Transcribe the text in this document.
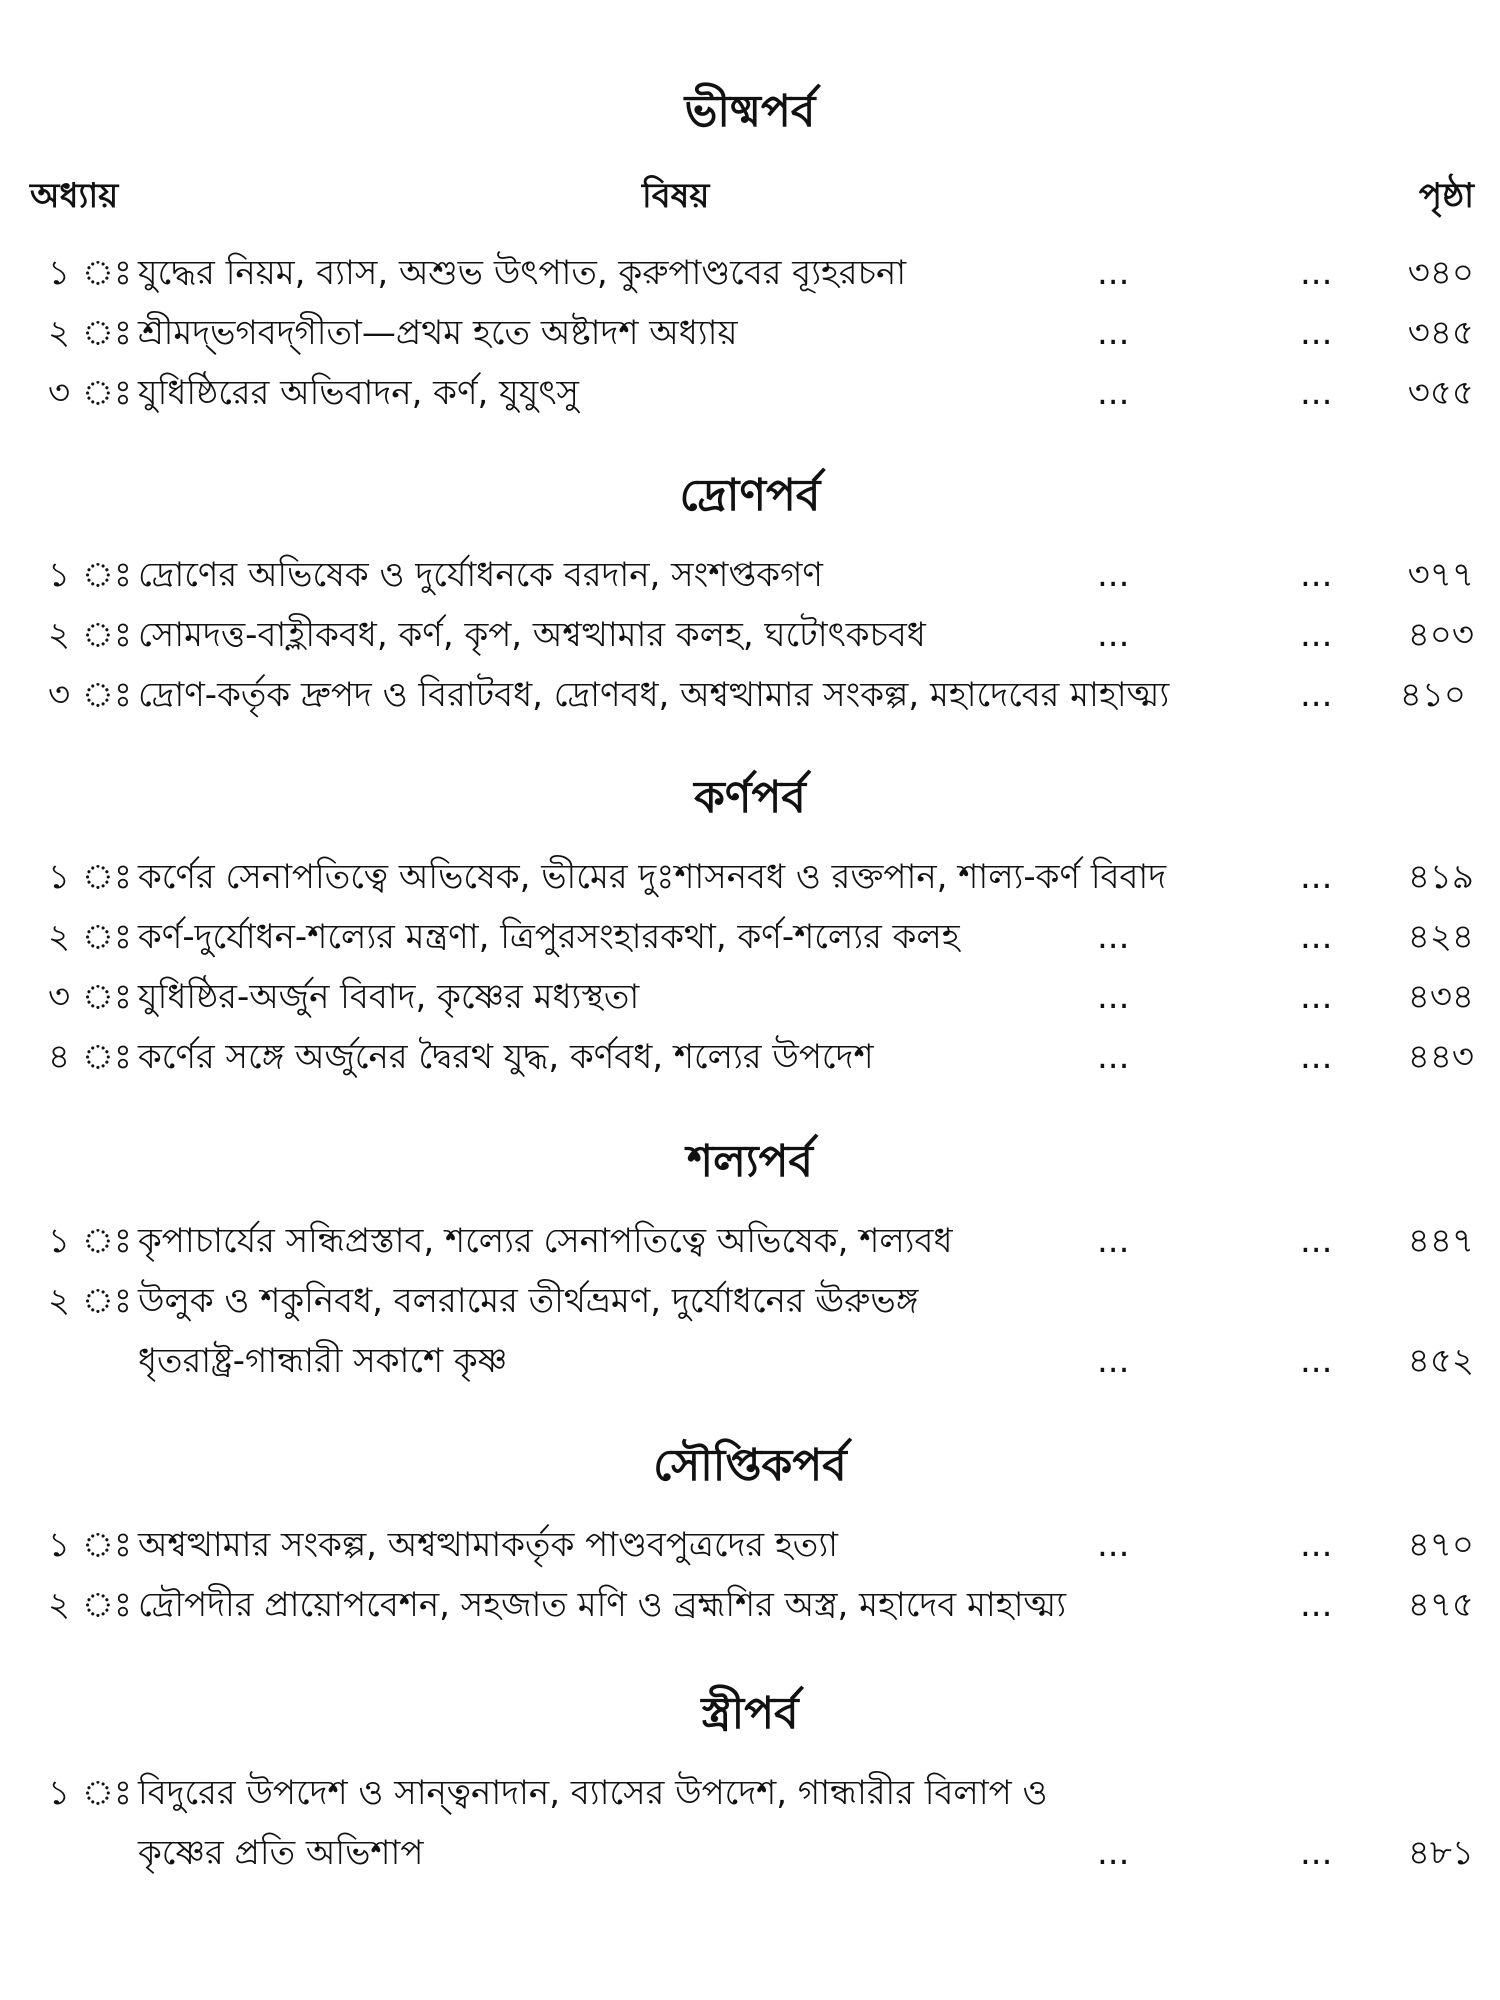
অধ্যায়	বিষয়	পৃষ্ঠা
ভীষ্মপর্ব
১ ঃ যুদ্ধের নিয়ম, ব্যাস, অশুভ উৎপাত, কুরুপাণ্ডবের ব্যূহরচনা	...	... ৩৪০
২ ঃ শ্রীমদ্‌ভগবদ্‌গীতা—প্রথম হতে অষ্টাদশ অধ্যায়	...	... ৩৪৫
৩ ঃ যুধিষ্ঠিরের অভিবাদন, কর্ণ, যুযুৎসু	...	... ৩৫৫
দ্রোণপর্ব
১ ঃ দ্রোণের অভিষেক ও দুর্যোধনকে বরদান, সংশপ্তকগণ	...	... ৩৭৭
২ ঃ সোমদত্ত-বাহ্লীকবধ, কর্ণ, কৃপ, অশ্বত্থামার কলহ, ঘটোৎকচবধ	...	... ৪০৩
৩ ঃ দ্রোণ-কর্তৃক দ্রুপদ ও বিরাটবধ, দ্রোণবধ, অশ্বত্থামার সংকল্প, মহাদেবের মাহাত্ম্য	... ৪১০
কর্ণপর্ব
১ ঃ কর্ণের সেনাপতিত্বে অভিষেক, ভীমের দুঃশাসনবধ ও রক্তপান, শাল্য-কর্ণ বিবাদ	... ৪১৯
২ ঃ কর্ণ-দুর্যোধন-শল্যের মন্ত্রণা, ত্রিপুরসংহারকথা, কর্ণ-শল্যের কলহ	...	... ৪২৪
৩ ঃ যুধিষ্ঠির-অর্জুন বিবাদ, কৃষ্ণের মধ্যস্থতা	...	... ৪৩৪
৪ ঃ কর্ণের সঙ্গে অর্জুনের দ্বৈরথ যুদ্ধ, কর্ণবধ, শল্যের উপদেশ	...	... ৪৪৩
শল্যপর্ব
১ ঃ কৃপাচার্যের সন্ধিপ্রস্তাব, শল্যের সেনাপতিত্বে অভিষেক, শল্যবধ	...	... ৪৪৭
২ ঃ উলুক ও শকুনিবধ, বলরামের তীর্থভ্রমণ, দুর্যোধনের ঊরুভঙ্গ
ধৃতরাষ্ট্র-গান্ধারী সকাশে কৃষ্ণ	...	... ৪৫২
সৌপ্তিকপর্ব
১ ঃ অশ্বত্থামার সংকল্প, অশ্বত্থামাকর্তৃক পাণ্ডবপুত্রদের হত্যা	...	... ৪৭০
২ ঃ দ্রৌপদীর প্রায়োপবেশন, সহজাত মণি ও ব্রহ্মশির অস্ত্র, মহাদেব মাহাত্ম্য	... ৪৭৫
স্ত্রীপর্ব
১ ঃ বিদুরের উপদেশ ও সান্ত্বনাদান, ব্যাসের উপদেশ, গান্ধারীর বিলাপ ও
কৃষ্ণের প্রতি অভিশাপ	...	... ৪৮১
